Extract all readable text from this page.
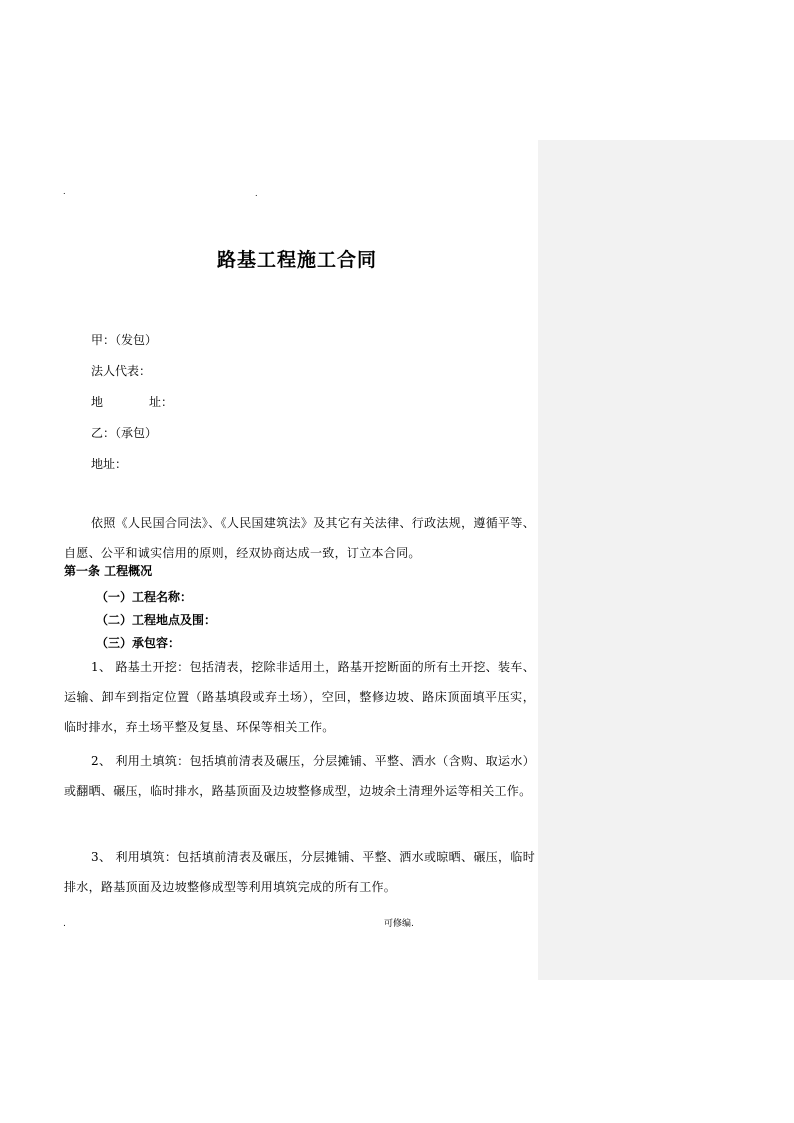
.	.
路基工程施工合同
甲：（发包）
法人代表：
地	址：
乙：（承包）
地址：
依照《人民国合同法》、《人民国建筑法》及其它有关法律、行政法规，遵循平等、自愿、公平和诚实信用的原则，经双协商达成一致，订立本合同。
第一条 工程概况
（一）工程名称：
（二）工程地点及围：
（三）承包容：
1、 路基土开挖：包括清表，挖除非适用土，路基开挖断面的所有土开挖、装车、运输、卸车到指定位置（路基填段或弃土场），空回，整修边坡、路床顶面填平压实，临时排水，弃土场平整及复垦、环保等相关工作。
2、 利用土填筑：包括填前清表及碾压，分层摊铺、平整、洒水（含购、取运水）或翻晒、碾压，临时排水，路基顶面及边坡整修成型，边坡余土清理外运等相关工作。
3、 利用填筑：包括填前清表及碾压，分层摊铺、平整、洒水或晾晒、碾压，临时排水，路基顶面及边坡整修成型等利用填筑完成的所有工作。
.	可修编.
